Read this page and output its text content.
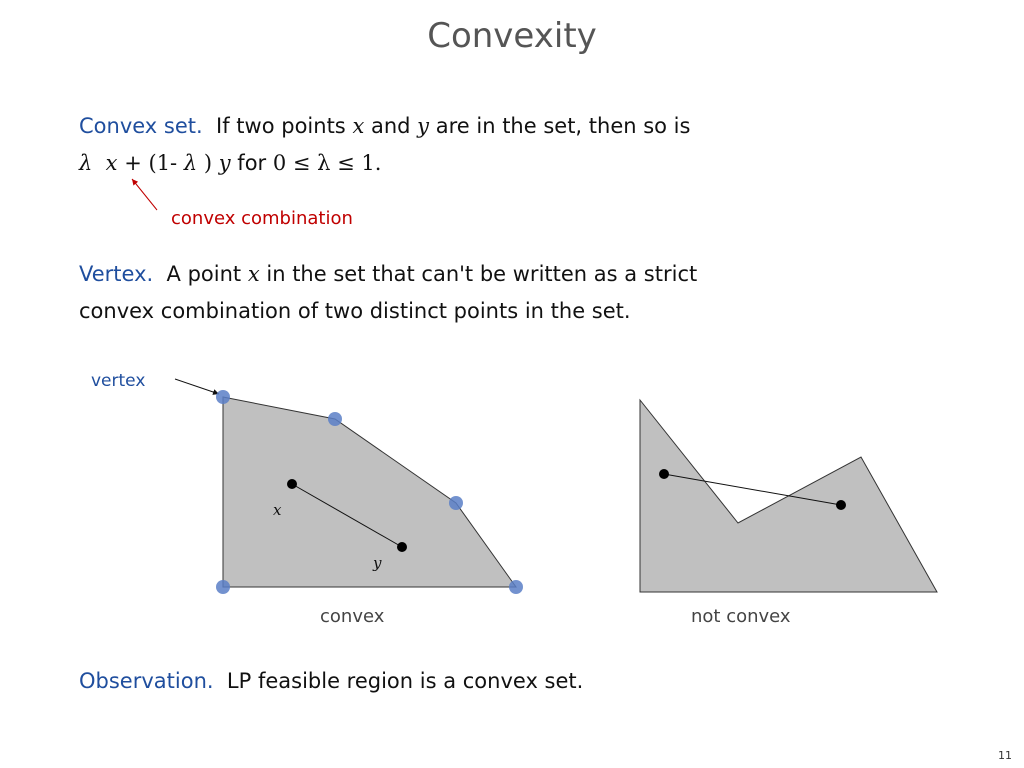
Convexity
Convex set. If two points x and y are in the set, then so is
λ x + (1- λ ) y for 0 ≤ λ ≤ 1.
convex combination
Vertex. A point x in the set that can't be written as a strict
convex combination of two distinct points in the set.
vertex
x
y
convex	not convex
Observation. LP feasible region is a convex set.
11
